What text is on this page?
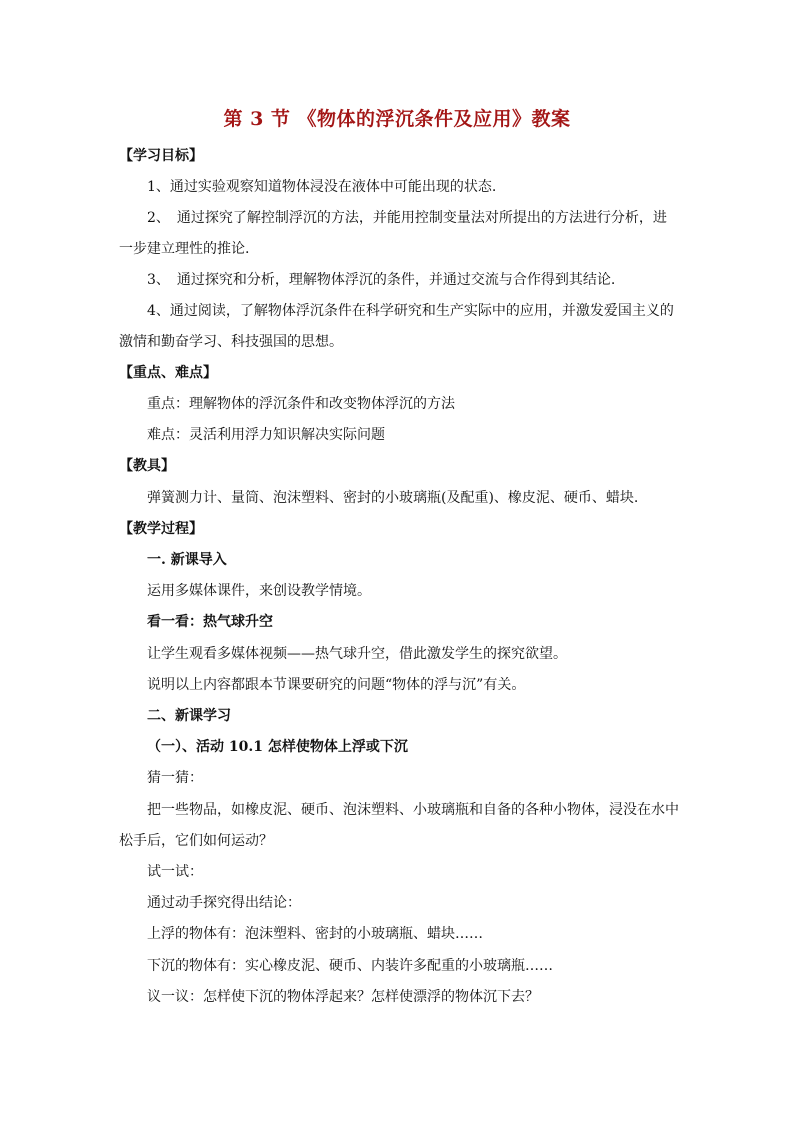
第 3 节 《物体的浮沉条件及应用》教案
【学习目标】
1、通过实验观察知道物体浸没在液体中可能出现的状态.
2、　通过探究了解控制浮沉的方法，并能用控制变量法对所提出的方法进行分析，进
一步建立理性的推论.
3、　通过探究和分析，理解物体浮沉的条件，并通过交流与合作得到其结论.
4、通过阅读，了解物体浮沉条件在科学研究和生产实际中的应用，并激发爱国主义的
激情和勤奋学习、科技强国的思想。
【重点、难点】
重点：理解物体的浮沉条件和改变物体浮沉的方法
难点：灵活利用浮力知识解决实际问题
【教具】
弹簧测力计、量筒、泡沫塑料、密封的小玻璃瓶(及配重)、橡皮泥、硬币、蜡块.
【教学过程】
一. 新课导入
运用多媒体课件，来创设教学情境。
看一看：热气球升空
让学生观看多媒体视频——热气球升空，借此激发学生的探究欲望。
说明以上内容都跟本节课要研究的问题“物体的浮与沉”有关。
二、新课学习
（一）、活动 10.1 怎样使物体上浮或下沉
猜一猜：
把一些物品，如橡皮泥、硬币、泡沫塑料、小玻璃瓶和自备的各种小物体，浸没在水中
松手后，它们如何运动？
试一试：
通过动手探究得出结论：
上浮的物体有：泡沫塑料、密封的小玻璃瓶、蜡块……
下沉的物体有：实心橡皮泥、硬币、内装许多配重的小玻璃瓶……
议一议：怎样使下沉的物体浮起来？怎样使漂浮的物体沉下去？
